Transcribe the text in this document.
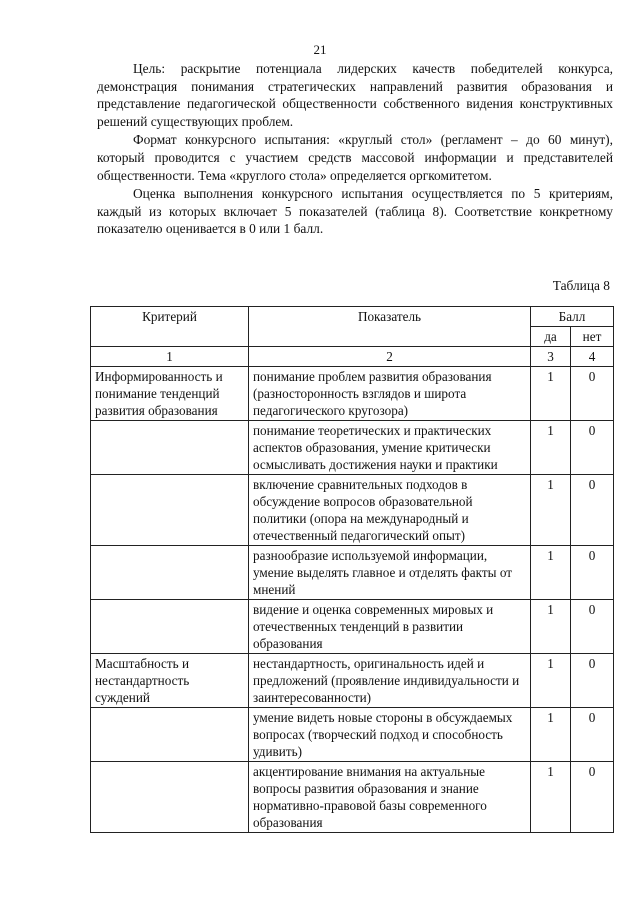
21

Цель: раскрытие потенциала лидерских качеств победителей конкурса, демонстрация понимания стратегических направлений развития образования и представление педагогической общественности собственного видения конструктивных решений существующих проблем.

Формат конкурсного испытания: «круглый стол» (регламент – до 60 минут), который проводится с участием средств массовой информации и представителей общественности. Тема «круглого стола» определяется оргкомитетом.

Оценка выполнения конкурсного испытания осуществляется по 5 критериям, каждый из которых включает 5 показателей (таблица 8). Соответствие конкретному показателю оценивается в 0 или 1 балл.

Таблица 8
Критерий	Показатель	Балл	
		да	нет
1	2	3	4
Информированность и понимание тенденций развития образования	понимание проблем развития образования (разносторонность взглядов и широта педагогического кругозора)	1	0
	понимание теоретических и практических аспектов образования, умение критически осмысливать достижения науки и практики	1	0
	включение сравнительных подходов в обсуждение вопросов образовательной политики (опора на международный и отечественный педагогический опыт)	1	0
	разнообразие используемой информации, умение выделять главное и отделять факты от мнений	1	0
	видение и оценка современных мировых и отечественных тенденций в развитии образования	1	0
Масштабность и нестандартность суждений	нестандартность, оригинальность идей и предложений (проявление индивидуальности и заинтересованности)	1	0
	умение видеть новые стороны в обсуждаемых вопросах (творческий подход и способность удивить)	1	0
	акцентирование внимания на актуальные вопросы развития образования и знание нормативно-правовой базы современного образования	1	0
